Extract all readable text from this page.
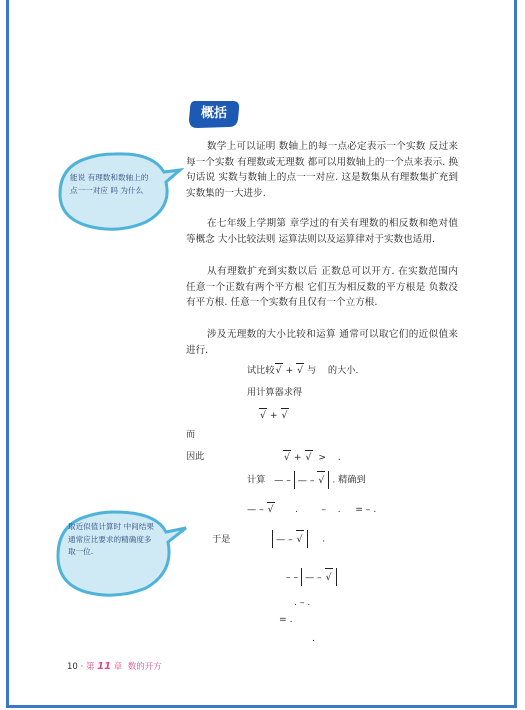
概括

数学上可以证明 数轴上的每一点必定表示一个实数 反过来 每一个实数 有理数或无理数 都可以用数轴上的一个点来表示. 换句话说 实数与数轴上的点一一对应. 这是数集从有理数集扩充到实数集的一大进步.

在七年级上学期第 章学过的有关有理数的相反数和绝对值等概念 大小比较法则 运算法则以及运算律对于实数也适用.

从有理数扩充到实数以后 正数总可以开方. 在实数范围内 任意一个正数有两个平方根 它们互为相反数的平方根是 负数没有平方根. 任意一个实数有且仅有一个立方根.

涉及无理数的大小比较和运算 通常可以取它们的近似值来进行.

能说 有理数和数轴上的点一一对应 吗 为什么
取近似值计算时 中间结果通常应比要求的精确度多取一位.
试比较 √ + √ 与 的大小.
用计算器求得
√ + √
而
因此 √	+ √ > .
计算 — – — – √ . 精确到
— – √	.	– . = – .
于是	— – √	.
– – — – √
. – .
= .
.
10 · 第 11 章 数的开方
